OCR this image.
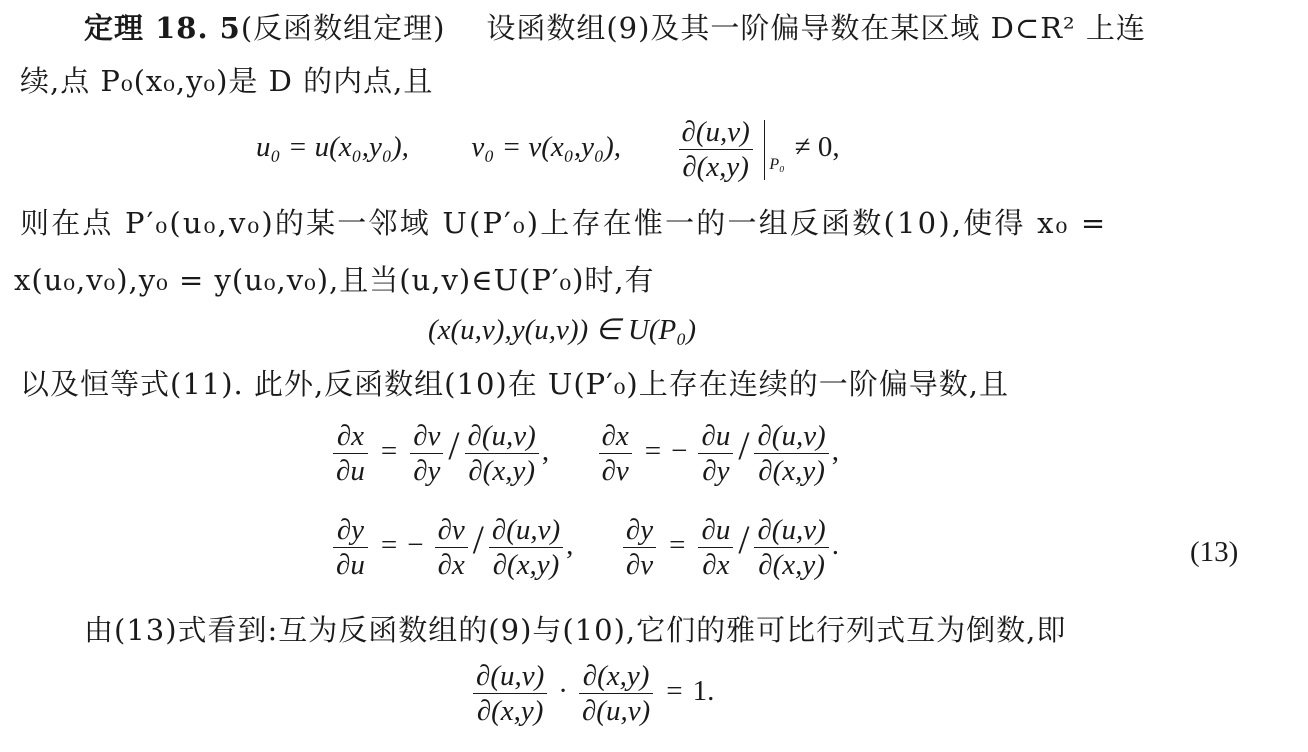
定理 18. 5(反函数组定理) 设函数组(9)及其一阶偏导数在某区域 D⊂R² 上连
续,点 P₀(x₀,y₀)是 D 的内点,且
u₀ = u(x₀,y₀), v₀ = v(x₀,y₀), $\frac{\partial(u,v)}{\partial(x,y)} P_0\ne 0$,
则在点 P′₀(u₀,v₀)的某一邻域 U(P′₀)上存在惟一的一组反函数(10),使得 x₀ =
x(u₀,v₀),y₀ = y(u₀,v₀),且当(u,v)∈U(P′₀)时,有
(x(u,v),y(u,v)) ∈ U(P₀)
以及恒等式(11). 此外,反函数组(10)在 U(P′₀)上存在连续的一阶偏导数,且
$\frac{\partial x}{\partial u} = \frac{\partial v}{\partial y} / \frac{\partial(u,v)}{\partial(x,y)}$ , $\frac{\partial x}{\partial v}$ = − $\frac{\partial u}{\partial y} / \frac{\partial(u,v)}{\partial(x,y)}$ ,
$\frac{\partial y}{\partial u}$ = − $\frac{\partial v}{\partial x} / \frac{\partial(u,v)}{\partial(x,y)}$ , $\frac{\partial y}{\partial v} = \frac{\partial u}{\partial x} / \frac{\partial(u,v)}{\partial(x,y)}$ .	(13)
由(13)式看到:互为反函数组的(9)与(10),它们的雅可比行列式互为倒数,即
$\frac{\partial(u,v)}{\partial(x,y)} \cdot \frac{\partial(x,y)}{\partial(u,v)} = 1$.
